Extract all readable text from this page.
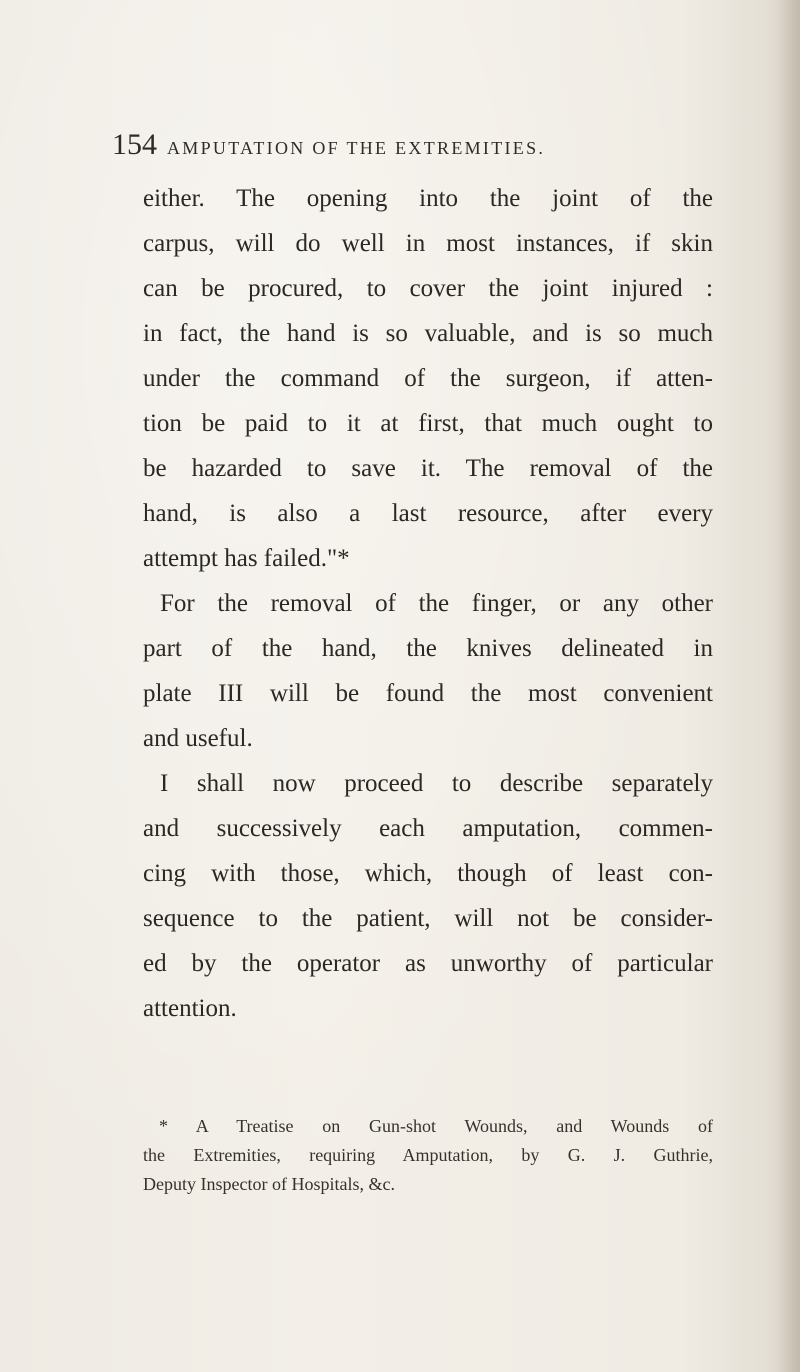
154 AMPUTATION OF THE EXTREMITIES.
either. The opening into the joint of the
carpus, will do well in most instances, if skin
can be procured, to cover the joint injured :
in fact, the hand is so valuable, and is so much
under the command of the surgeon, if atten-
tion be paid to it at first, that much ought to
be hazarded to save it. The removal of the
hand, is also a last resource, after every
attempt has failed."*
For the removal of the finger, or any other
part of the hand, the knives delineated in
plate III will be found the most convenient
and useful.
I shall now proceed to describe separately
and successively each amputation, commen-
cing with those, which, though of least con-
sequence to the patient, will not be consider-
ed by the operator as unworthy of particular
attention.
* A Treatise on Gun-shot Wounds, and Wounds of
the Extremities, requiring Amputation, by G. J. Guthrie,
Deputy Inspector of Hospitals, &c.
